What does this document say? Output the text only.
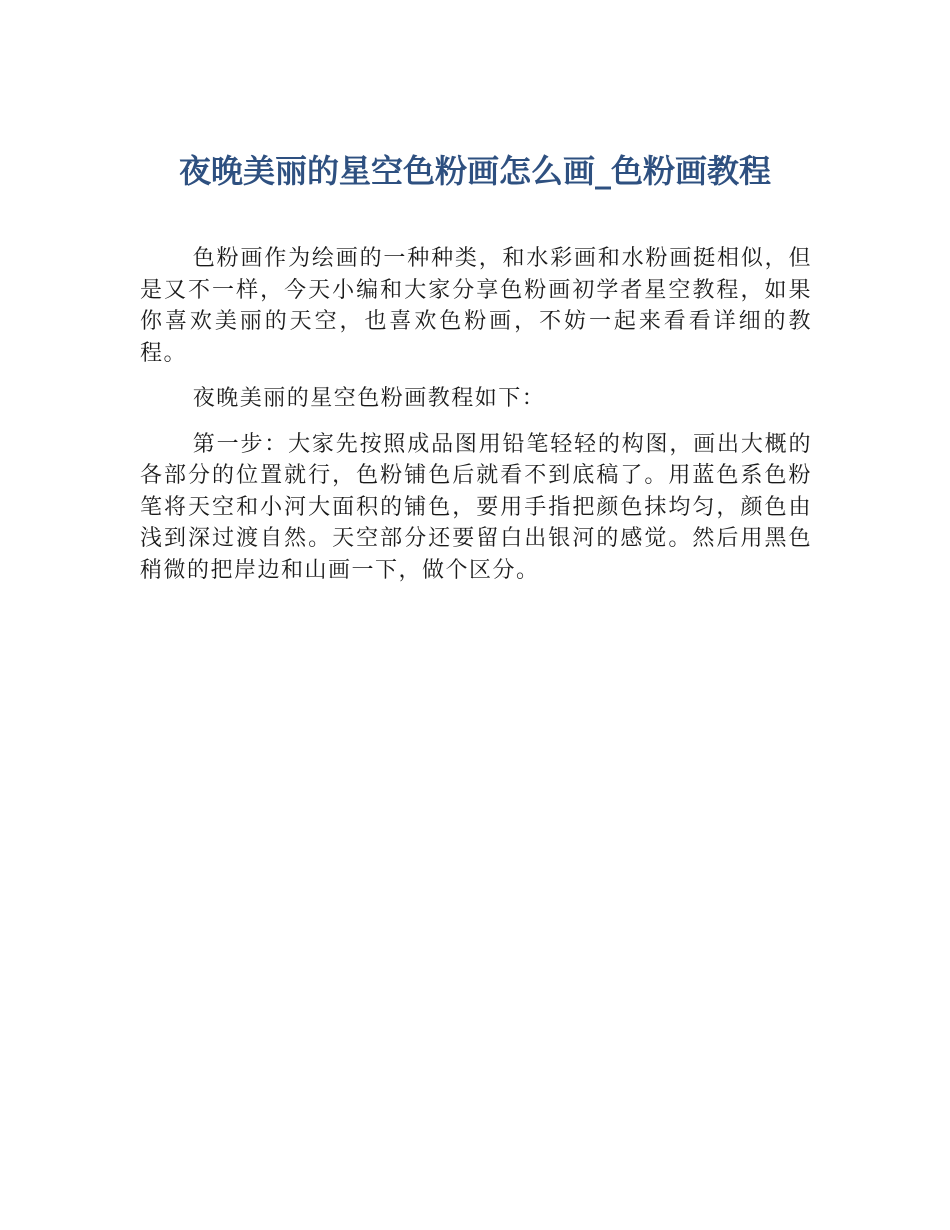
夜晚美丽的星空色粉画怎么画_色粉画教程

色粉画作为绘画的一种种类，和水彩画和水粉画挺相似，但是又不一样，今天小编和大家分享色粉画初学者星空教程，如果你喜欢美丽的天空，也喜欢色粉画，不妨一起来看看详细的教程。

夜晚美丽的星空色粉画教程如下：

第一步：大家先按照成品图用铅笔轻轻的构图，画出大概的各部分的位置就行，色粉铺色后就看不到底稿了。用蓝色系色粉笔将天空和小河大面积的铺色，要用手指把颜色抹均匀，颜色由浅到深过渡自然。天空部分还要留白出银河的感觉。然后用黑色稍微的把岸边和山画一下，做个区分。
